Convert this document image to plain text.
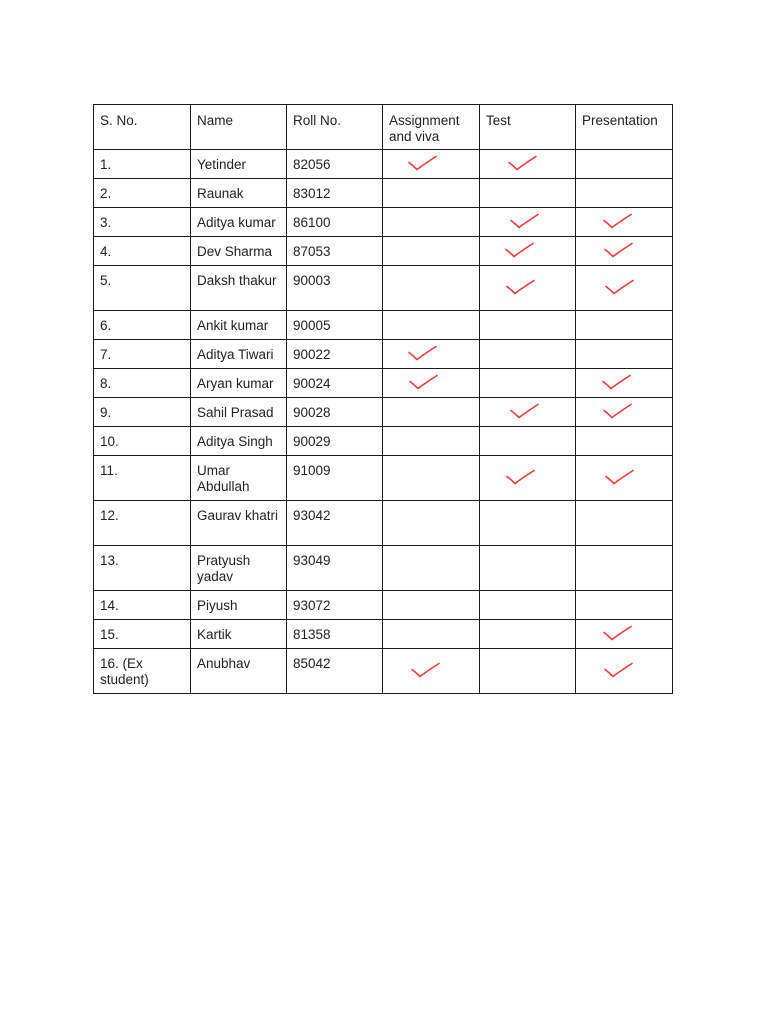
S. No.	Name	Roll No.	Assignment and viva	Test	Presentation
1.	Yetinder	82056	

2.	Raunak	83012			
3.	Aditya kumar	86100		

4.	Dev Sharma	87053		

5.	Daksh thakur	90003		

6.	Ankit kumar	90005			
7.	Aditya Tiwari	90022	

8.	Aryan kumar	90024	

9.	Sahil Prasad	90028		

10.	Aditya Singh	90029			
11.	Umar Abdullah	91009		

12.	Gaurav khatri	93042			
13.	Pratyush yadav	93049			
14.	Piyush	93072			
15.	Kartik	81358			

16. (Ex student)	Anubhav	85042	
